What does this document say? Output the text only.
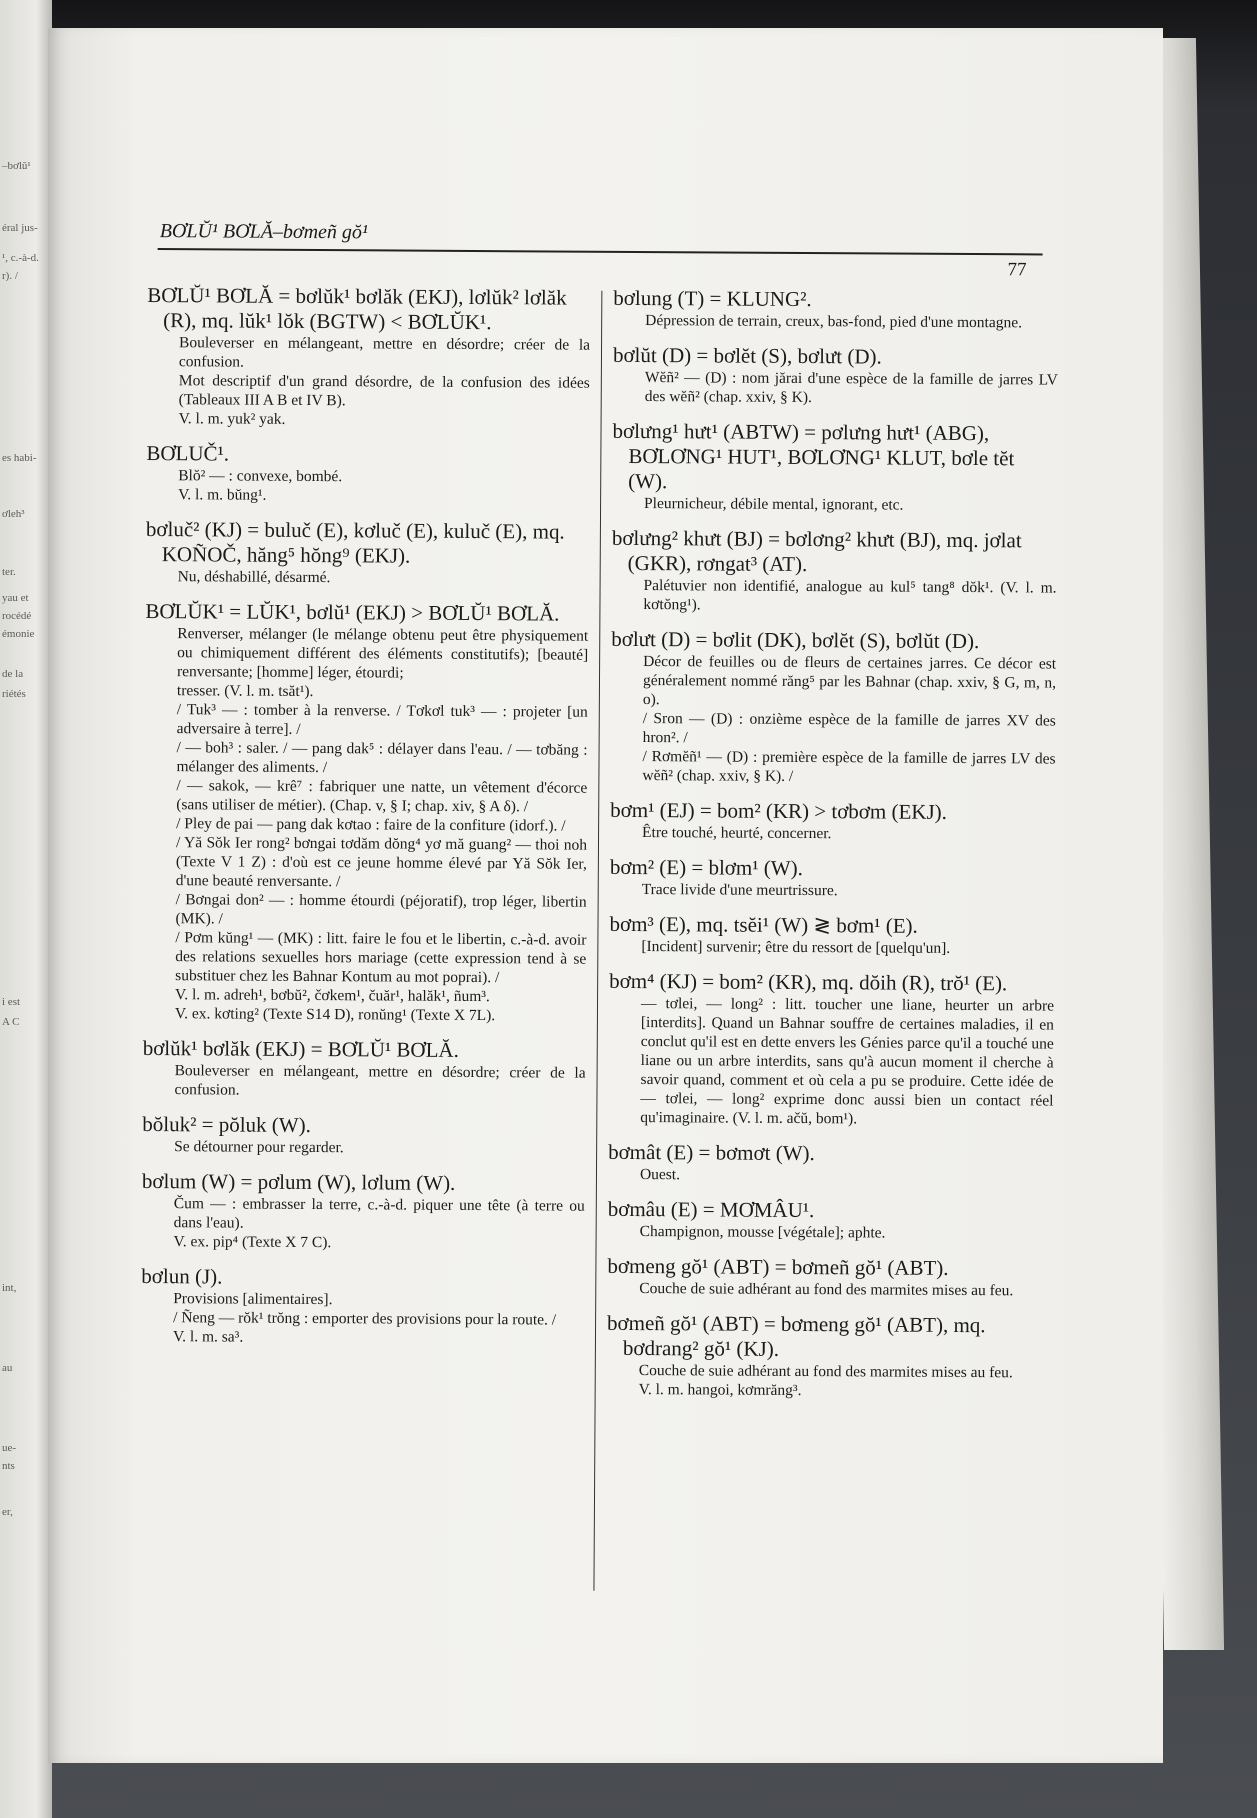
–bơlŭ¹
éral jus-
¹, c.-à-d.
r). /
es habi-
ơleh³
ter.
yau et
rocédé
émonie
de la
riétés
i est
A C
int,
au
ue-
nts
er,
BƠLŬ¹ BƠLĂ–bơmeñ gŏ¹
77
BƠLŬ¹ BƠLĂ = bơlŭk¹ bơlăk (EKJ), lơlŭk² lơlăk (R), mq. lŭk¹ lŏk (BGTW) < BƠLŬK¹.

Bouleverser en mélangeant, mettre en désordre; créer de la confusion.

Mot descriptif d'un grand désordre, de la confusion des idées (Tableaux III A B et IV B).

V. l. m. yuk² yak.

BƠLUČ¹.

Blŏ² — : convexe, bombé.

V. l. m. bŭng¹.

bơluč² (KJ) = buluč (E), kơluč (E), kuluč (E), mq. KOÑOČ, hăng⁵ hŏng⁹ (EKJ).

Nu, déshabillé, désarmé.

BƠLŬK¹ = LŬK¹, bơlŭ¹ (EKJ) > BƠLŬ¹ BƠLĂ.

Renverser, mélanger (le mélange obtenu peut être physiquement ou chimiquement différent des éléments constitutifs); [beauté] renversante; [homme] léger, étourdi;

tresser. (V. l. m. tsăt¹).

/ Tuk³ — : tomber à la renverse. / Tơkơl tuk³ — : projeter [un adversaire à terre]. /

/ — boh³ : saler. / — pang dak⁵ : délayer dans l'eau. / — tơbăng : mélanger des aliments. /

/ — sakok, — krê⁷ : fabriquer une natte, un vêtement d'écorce (sans utiliser de métier). (Chap. v, § I; chap. xiv, § A δ). /

/ Pley de pai — pang dak kơtao : faire de la confiture (idorf.). /

/ Yă Sŏk Ier rong² bơngai tơdăm dŏng⁴ yơ mă guang² — thoi noh (Texte V 1 Z) : d'où est ce jeune homme élevé par Yă Sŏk Ier, d'une beauté renversante. /

/ Bơngai don² — : homme étourdi (péjoratif), trop léger, libertin (MK). /

/ Pơm kŭng¹ — (MK) : litt. faire le fou et le libertin, c.-à-d. avoir des relations sexuelles hors mariage (cette expression tend à se substituer chez les Bahnar Kontum au mot poprai). /

V. l. m. adreh¹, bơbŭ², čơkem¹, čuăr¹, halăk¹, ñum³.

V. ex. kơting² (Texte S14 D), ronŭng¹ (Texte X 7L).

bơlŭk¹ bơlăk (EKJ) = BƠLŬ¹ BƠLĂ.

Bouleverser en mélangeant, mettre en désordre; créer de la confusion.

bŏluk² = pŏluk (W).

Se détourner pour regarder.

bơlum (W) = pơlum (W), lơlum (W).

Čum — : embrasser la terre, c.-à-d. piquer une tête (à terre ou dans l'eau).

V. ex. pip⁴ (Texte X 7 C).

bơlun (J).

Provisions [alimentaires].

/ Ñeng — rŏk¹ trŏng : emporter des provisions pour la route. /

V. l. m. sa³.

bơlung (T) = KLUNG².

Dépression de terrain, creux, bas-fond, pied d'une montagne.

bơlŭt (D) = bơlĕt (S), bơlưt (D).

Wĕñ² — (D) : nom jărai d'une espèce de la famille de jarres LV des wĕñ² (chap. xxiv, § K).

bơlưng¹ hưt¹ (ABTW) = pơlưng hưt¹ (ABG), BƠLƠNG¹ HUT¹, BƠLƠNG¹ KLUT, bơle tĕt (W).

Pleurnicheur, débile mental, ignorant, etc.

bơlưng² khưt (BJ) = bơlơng² khưt (BJ), mq. jơlat (GKR), rơngat³ (AT).

Palétuvier non identifié, analogue au kul⁵ tang⁸ dŏk¹. (V. l. m. kơtŏng¹).

bơlưt (D) = bơlit (DK), bơlĕt (S), bơlŭt (D).

Décor de feuilles ou de fleurs de certaines jarres. Ce décor est généralement nommé răng⁵ par les Bahnar (chap. xxiv, § G, m, n, o).

/ Sron — (D) : onzième espèce de la famille de jarres XV des hron². /

/ Rơmĕñ¹ — (D) : première espèce de la famille de jarres LV des wĕñ² (chap. xxiv, § K). /

bơm¹ (EJ) = bom² (KR) > tơbơm (EKJ).

Être touché, heurté, concerner.

bơm² (E) = blơm¹ (W).

Trace livide d'une meurtrissure.

bơm³ (E), mq. tsĕi¹ (W) ≷ bơm¹ (E).

[Incident] survenir; être du ressort de [quelqu'un].

bơm⁴ (KJ) = bom² (KR), mq. dŏih (R), trŏ¹ (E).

— tơlei, — long² : litt. toucher une liane, heurter un arbre [interdits]. Quand un Bahnar souffre de certaines maladies, il en conclut qu'il est en dette envers les Génies parce qu'il a touché une liane ou un arbre interdits, sans qu'à aucun moment il cherche à savoir quand, comment et où cela a pu se produire. Cette idée de — tơlei, — long² exprime donc aussi bien un contact réel qu'imaginaire. (V. l. m. ačŭ, bom¹).

bơmât (E) = bơmơt (W).

Ouest.

bơmâu (E) = MƠMÂU¹.

Champignon, mousse [végétale]; aphte.

bơmeng gŏ¹ (ABT) = bơmeñ gŏ¹ (ABT).

Couche de suie adhérant au fond des marmites mises au feu.

bơmeñ gŏ¹ (ABT) = bơmeng gŏ¹ (ABT), mq. bơdrang² gŏ¹ (KJ).

Couche de suie adhérant au fond des marmites mises au feu.

V. l. m. hangoi, kơmrăng³.
